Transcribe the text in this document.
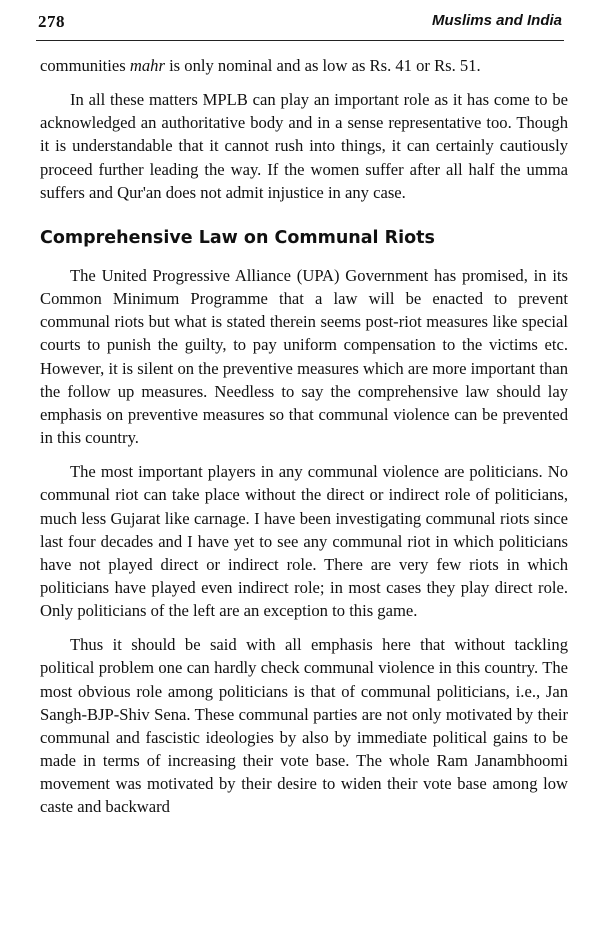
278	Muslims and India

communities mahr is only nominal and as low as Rs. 41 or Rs. 51.

In all these matters MPLB can play an important role as it has come to be acknowledged an authoritative body and in a sense representative too. Though it is understandable that it cannot rush into things, it can certainly cautiously proceed further leading the way. If the women suffer after all half the umma suffers and Qur'an does not admit injustice in any case.

Comprehensive Law on Communal Riots

The United Progressive Alliance (UPA) Government has promised, in its Common Minimum Programme that a law will be enacted to prevent communal riots but what is stated therein seems post-riot measures like special courts to punish the guilty, to pay uniform compensation to the victims etc. However, it is silent on the preventive measures which are more important than the follow up measures. Needless to say the comprehensive law should lay emphasis on preventive measures so that communal violence can be prevented in this country.

The most important players in any communal violence are politicians. No communal riot can take place without the direct or indirect role of politicians, much less Gujarat like carnage. I have been investigating communal riots since last four decades and I have yet to see any communal riot in which politicians have not played direct or indirect role. There are very few riots in which politicians have played even indirect role; in most cases they play direct role. Only politicians of the left are an exception to this game.

Thus it should be said with all emphasis here that without tackling political problem one can hardly check communal violence in this country. The most obvious role among politicians is that of communal politicians, i.e., Jan Sangh-BJP-Shiv Sena. These communal parties are not only motivated by their communal and fascistic ideologies by also by immediate political gains to be made in terms of increasing their vote base. The whole Ram Janambhoomi movement was motivated by their desire to widen their vote base among low caste and backward
